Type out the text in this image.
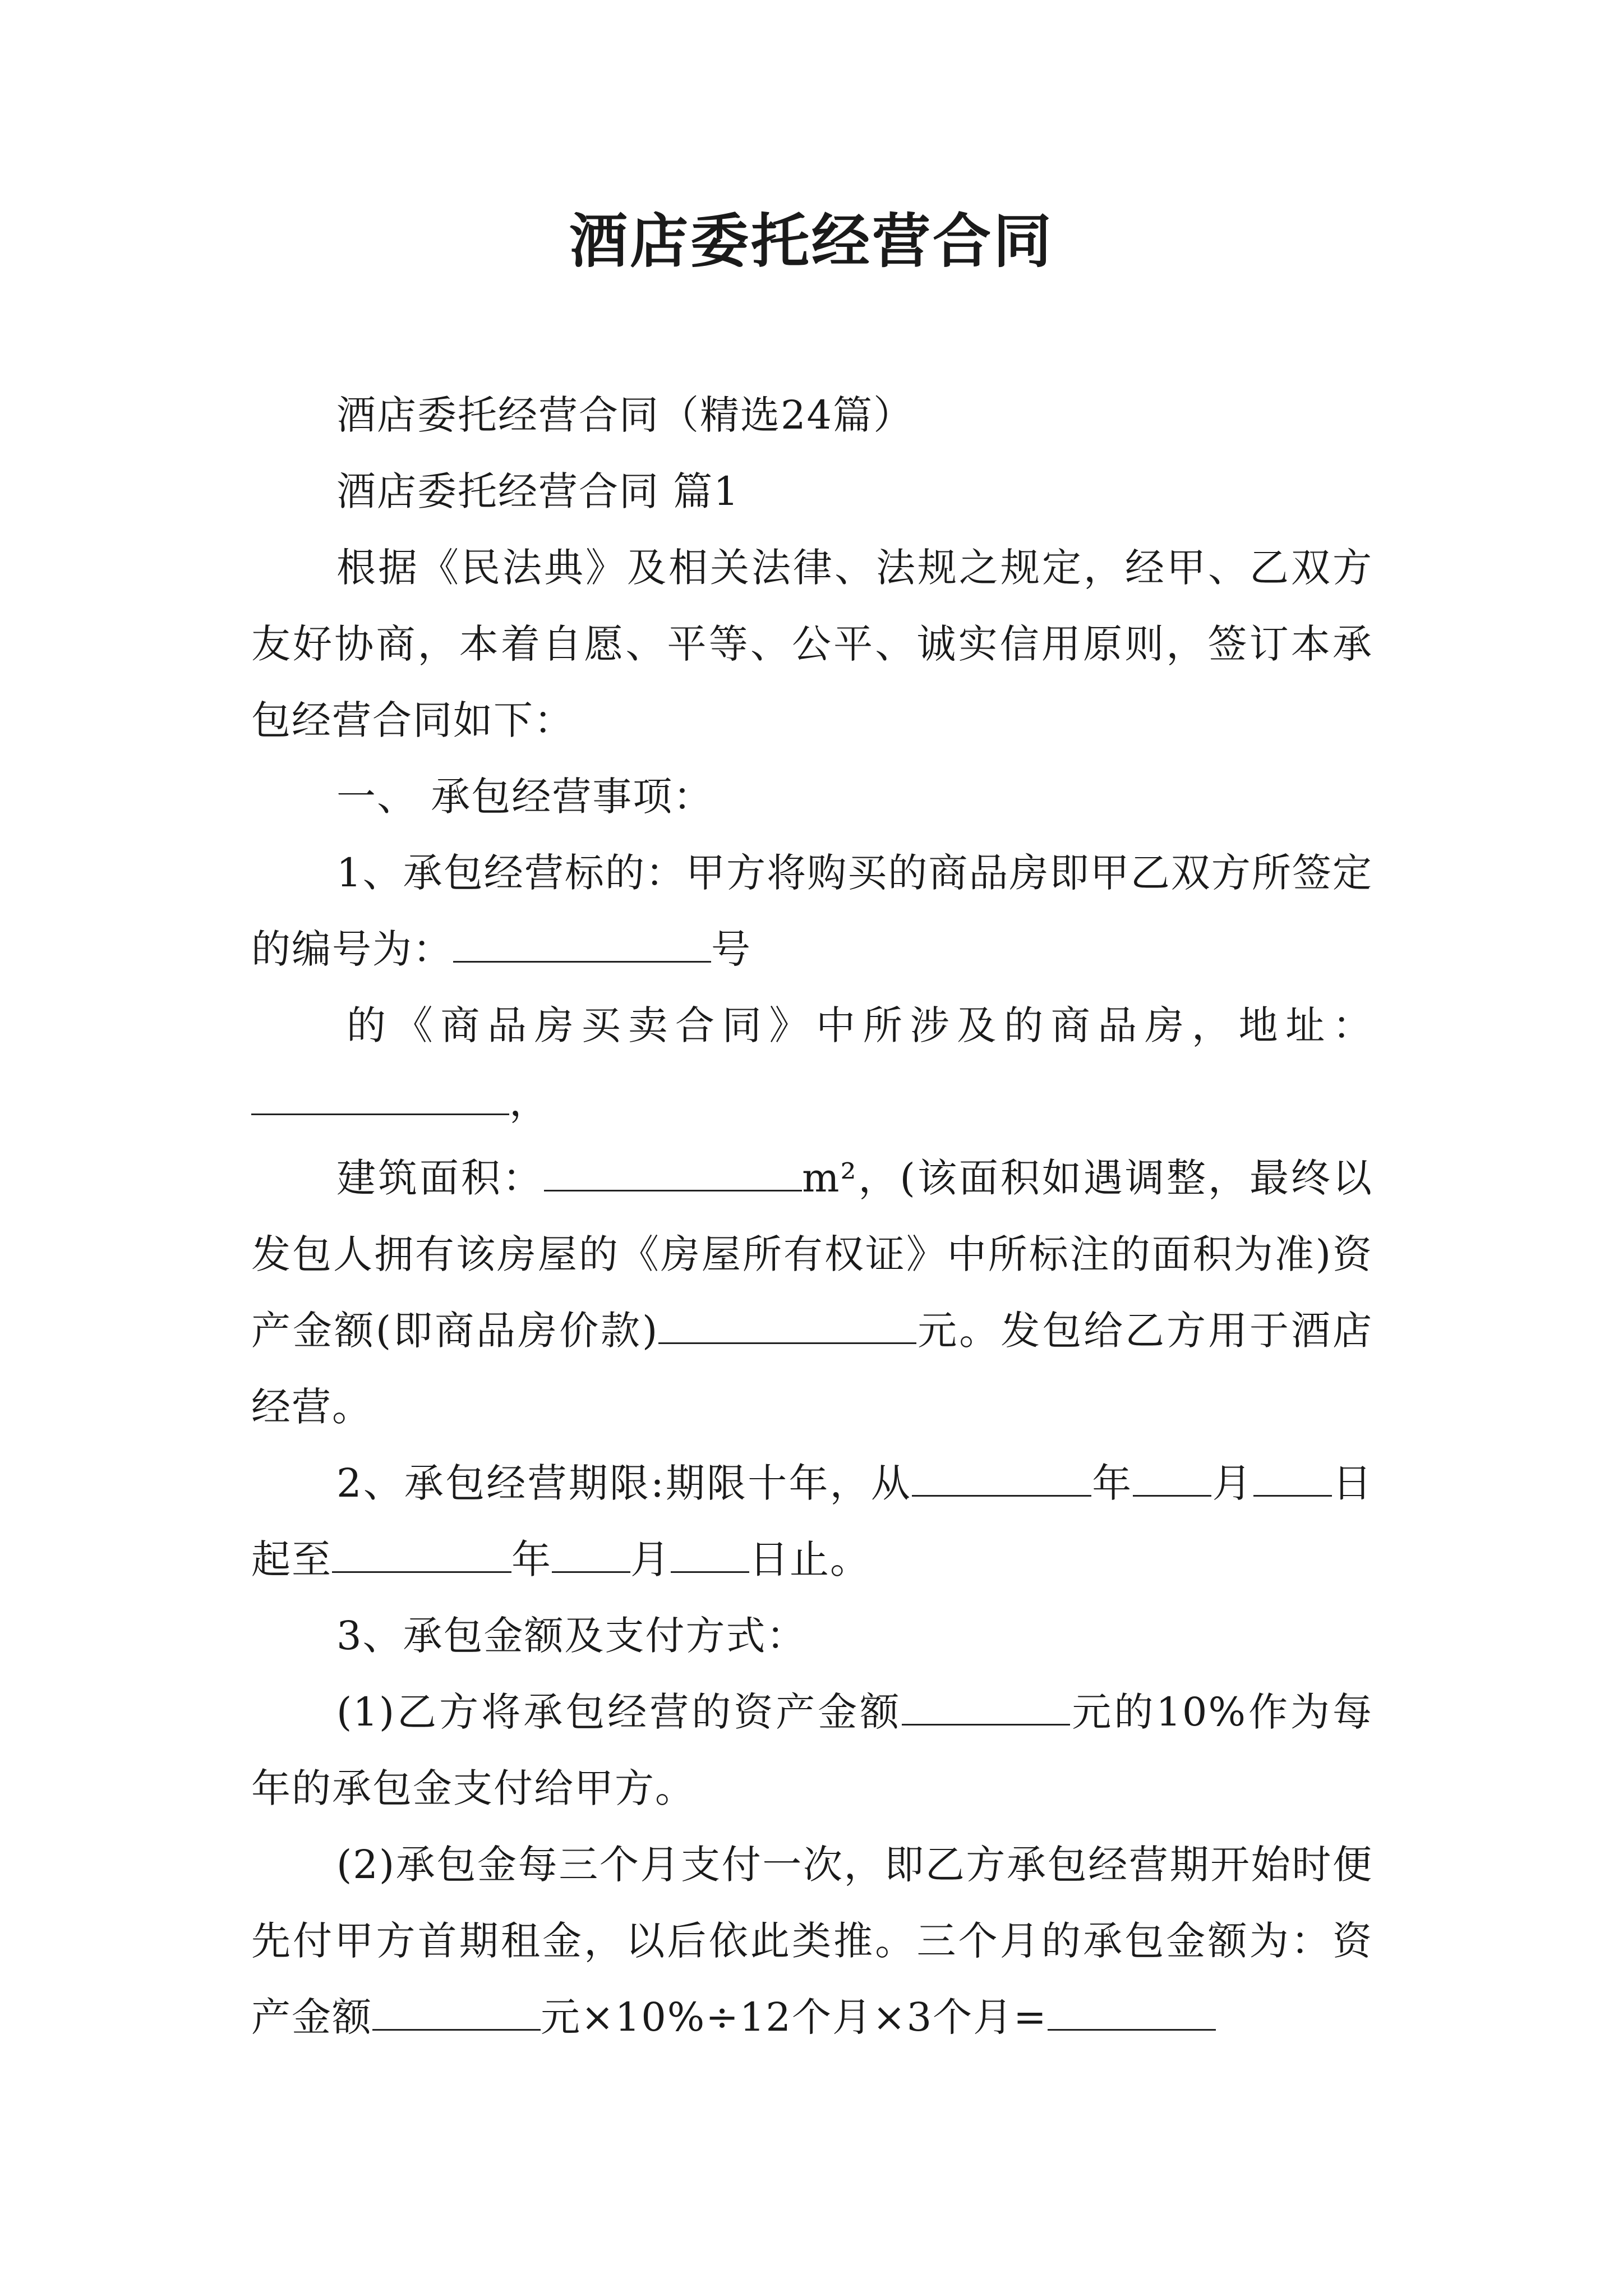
酒店委托经营合同

酒店委托经营合同（精选24篇）

酒店委托经营合同 篇1

根据《民法典》及相关法律、法规之规定，经甲、乙双方友好协商，本着自愿、平等、公平、诚实信用原则，签订本承包经营合同如下：

一、 承包经营事项：

1、承包经营标的：甲方将购买的商品房即甲乙双方所签定的编号为：	号

的《商品房买卖合同》中所涉及的商品房，地址：，

建筑面积：	m²，(该面积如遇调整，最终以发包人拥有该房屋的《房屋所有权证》中所标注的面积为准)资产金额(即商品房价款)	元。发包给乙方用于酒店经营。

2、承包经营期限:期限十年，从	年 月 日起至	年 月 日止。

3、承包金额及支付方式：

(1)乙方将承包经营的资产金额	元的10%作为每年的承包金支付给甲方。

(2)承包金每三个月支付一次，即乙方承包经营期开始时便先付甲方首期租金，以后依此类推。三个月的承包金额为：资产金额	元×10%÷12个月×3个月=
